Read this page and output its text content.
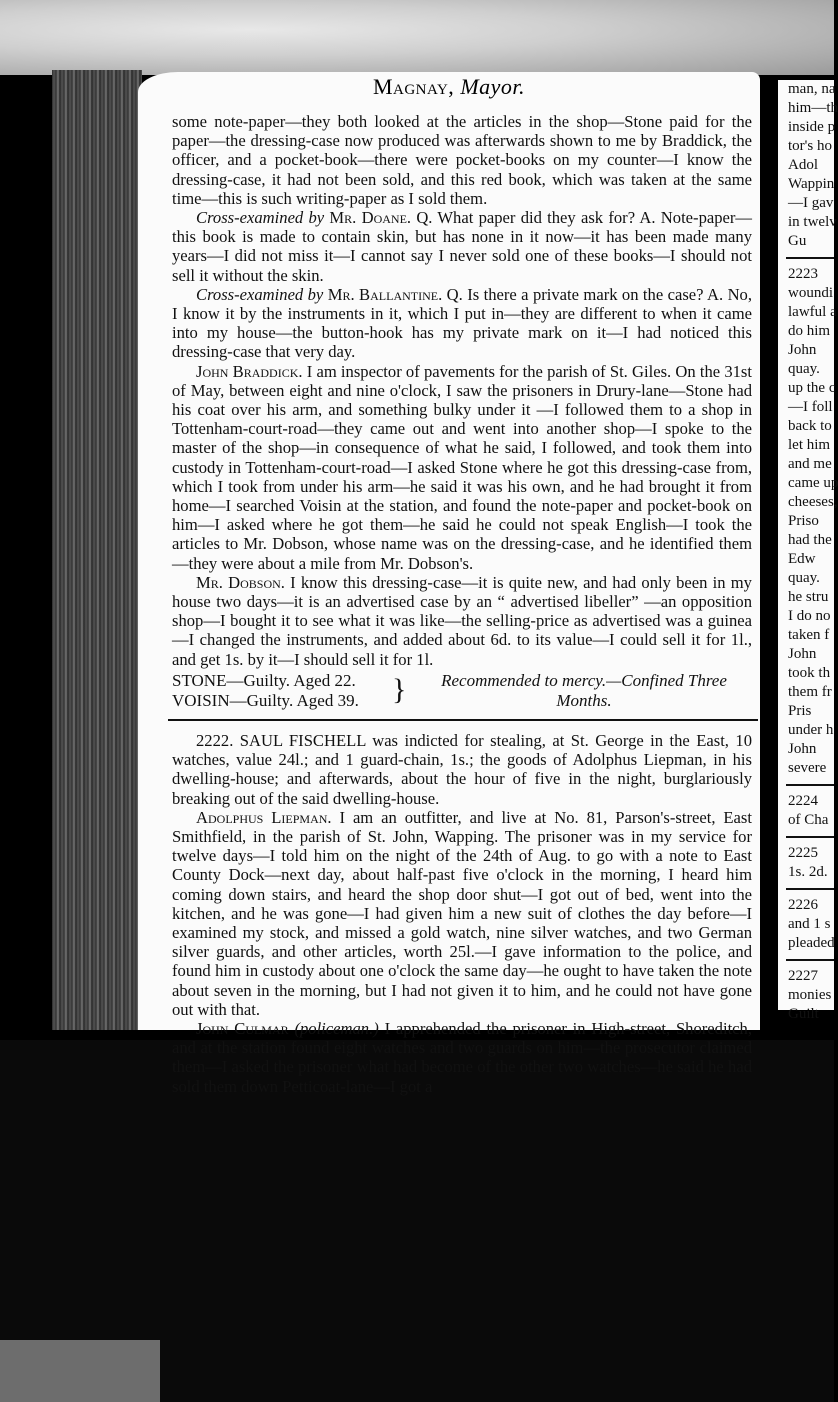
Magnay, Mayor.

some note-paper—they both looked at the articles in the shop—Stone paid for the paper—the dressing-case now produced was afterwards shown to me by Braddick, the officer, and a pocket-book—there were pocket-books on my counter—I know the dressing-case, it had not been sold, and this red book, which was taken at the same time—this is such writing-paper as I sold them.

Cross-examined by Mr. Doane. Q. What paper did they ask for? A. Note-paper—this book is made to contain skin, but has none in it now—it has been made many years—I did not miss it—I cannot say I never sold one of these books—I should not sell it without the skin.

Cross-examined by Mr. Ballantine. Q. Is there a private mark on the case? A. No, I know it by the instruments in it, which I put in—they are different to when it came into my house—the button-hook has my private mark on it—I had noticed this dressing-case that very day.

John Braddick. I am inspector of pavements for the parish of St. Giles. On the 31st of May, between eight and nine o'clock, I saw the prisoners in Drury-lane—Stone had his coat over his arm, and something bulky under it —I followed them to a shop in Tottenham-court-road—they came out and went into another shop—I spoke to the master of the shop—in consequence of what he said, I followed, and took them into custody in Tottenham-court-road—I asked Stone where he got this dressing-case from, which I took from under his arm—he said it was his own, and he had brought it from home—I searched Voisin at the station, and found the note-paper and pocket-book on him—I asked where he got them—he said he could not speak English—I took the articles to Mr. Dobson, whose name was on the dressing-case, and he identified them—they were about a mile from Mr. Dobson's.

Mr. Dobson. I know this dressing-case—it is quite new, and had only been in my house two days—it is an advertised case by an “ advertised libeller” —an opposition shop—I bought it to see what it was like—the selling-price as advertised was a guinea—I changed the instruments, and added about 6d. to its value—I could sell it for 1l., and get 1s. by it—I should sell it for 1l.

STONE—Guilty. Aged 22.
VOISIN—Guilty. Aged 39.	}	Recommended to mercy.—Confined Three Months.

2222. SAUL FISCHELL was indicted for stealing, at St. George in the East, 10 watches, value 24l.; and 1 guard-chain, 1s.; the goods of Adolphus Liepman, in his dwelling-house; and afterwards, about the hour of five in the night, burglariously breaking out of the said dwelling-house.

Adolphus Liepman. I am an outfitter, and live at No. 81, Parson's-street, East Smithfield, in the parish of St. John, Wapping. The prisoner was in my service for twelve days—I told him on the night of the 24th of Aug. to go with a note to East County Dock—next day, about half-past five o'clock in the morning, I heard him coming down stairs, and heard the shop door shut—I got out of bed, went into the kitchen, and he was gone—I had given him a new suit of clothes the day before—I examined my stock, and missed a gold watch, nine silver watches, and two German silver guards, and other articles, worth 25l.—I gave information to the police, and found him in custody about one o'clock the same day—he ought to have taken the note about seven in the morning, but I had not given it to him, and he could not have gone out with that.

John Culmar (policeman.) I apprehended the prisoner in High-street, Shoreditch, and at the station found eight watches and two guards on him—the prosecutor claimed them—I asked the prisoner what had become of the other two watches—he said he had sold them down Petticoat-lane—I got a

man, na
him—th
inside p
tor's ho
Adol
Wappin
—I gav
in twelv
Gu
2223
woundi
lawful a
do him
John
quay.
up the c
—I foll
back to
let him
and me
came up
cheeses,
Priso
had the
Edw
quay.
he stru
I do no
taken f
John
took th
them fr
Pris
under h
John
severe
2224
of Cha
2225
1s. 2d.
2226
and 1 s
pleaded
2227
monies
Guilt
